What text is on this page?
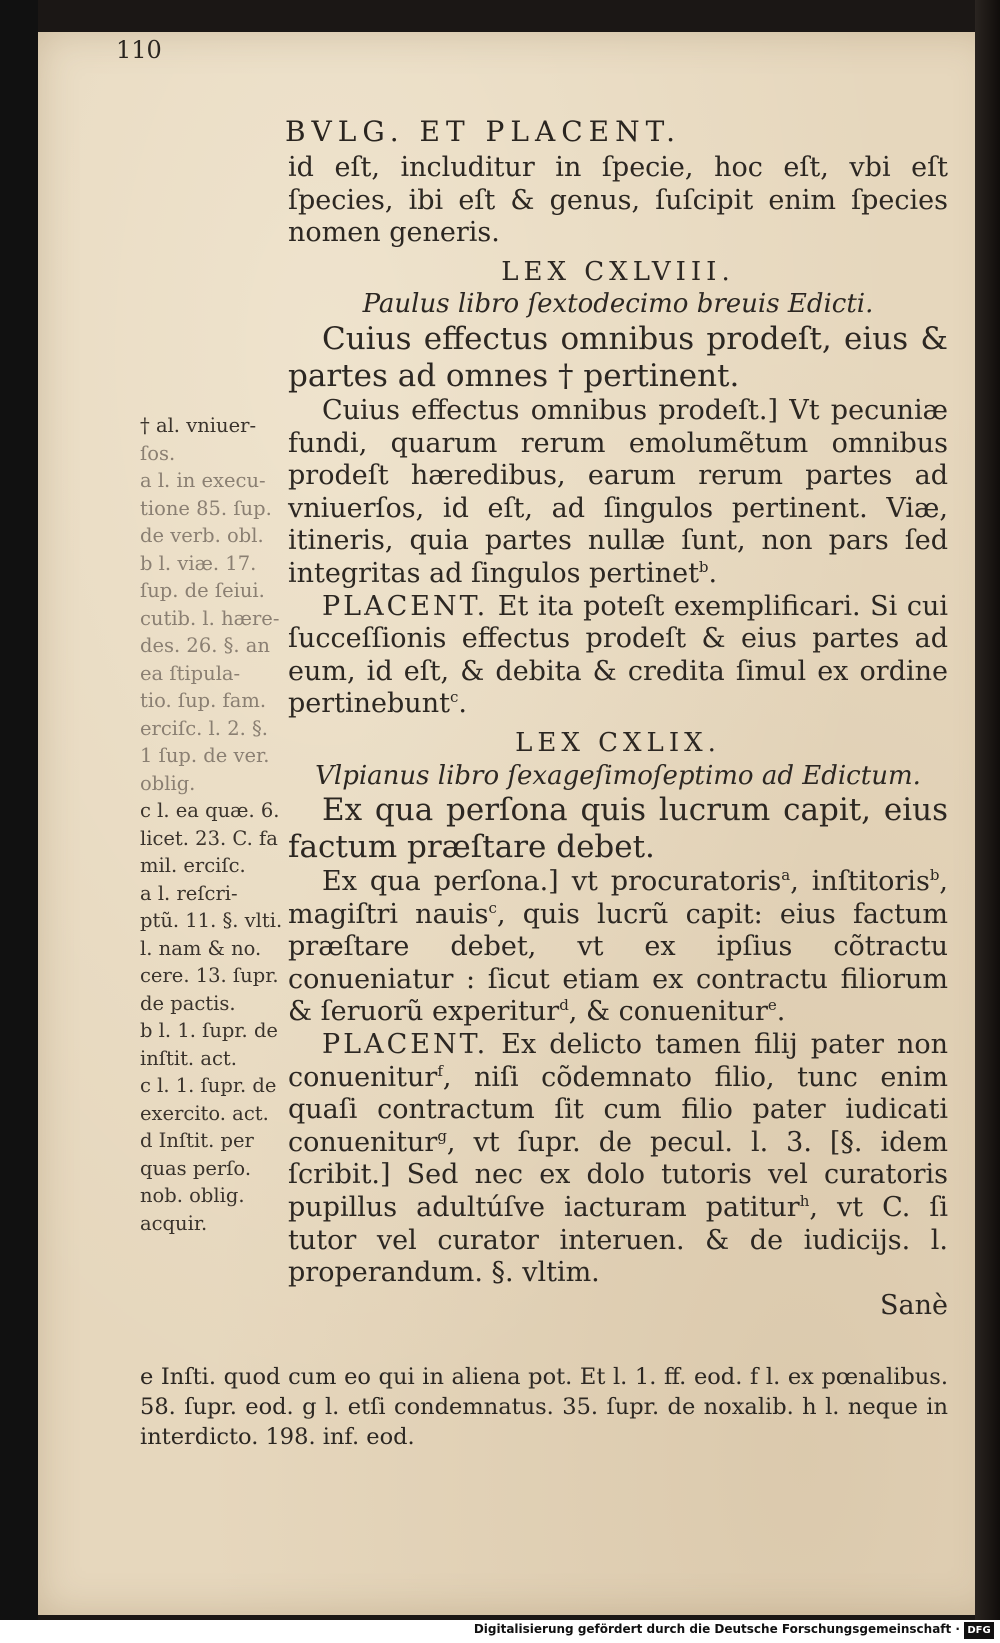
110
BVLG. ET PLACENT.

id eſt, includitur in ſpecie, hoc eſt, vbi eſt ſpecies, ibi eſt & genus, ſuſcipit enim ſpecies nomen generis.

LEX CXLVIII.

Paulus libro ſextodecimo breuis Edicti.

Cuius effectus omnibus prodeſt, eius & partes ad omnes † pertinent.

Cuius effectus omnibus prodeſt.] Vt pecuniæ fundi, quarum rerum emolumẽtum omnibus prodeſt hæredibus, earum rerum partes ad vniuerſos, id eſt, ad ſingulos pertinent. Viæ, itineris, quia partes nullæ ſunt, non pars ſed integritas ad ſingulos pertinet$^b$.

PLACENT. Et ita poteſt exemplificari. Si cui ſucceſſionis effectus prodeſt & eius partes ad eum, id eſt, & debita & credita ſimul ex ordine pertinebunt$^c$.

LEX CXLIX.

Vlpianus libro ſexageſimoſeptimo ad Edictum.

Ex qua perſona quis lucrum capit, eius factum præſtare debet.

Ex qua perſona.] vt procuratoris$^a$, inſtitoris$^b$, magiſtri nauis$^c$, quis lucrũ capit: eius factum præſtare debet, vt ex ipſius cõtractu conueniatur : ſicut etiam ex contractu filiorum & ſeruorũ experitur$^d$, & conuenitur$^e$.

PLACENT. Ex delicto tamen filij pater non conuenitur$^f$, niſi cõdemnato filio, tunc enim quaſi contractum ſit cum filio pater iudicati conuenitur$^g$, vt ſupr. de pecul. l. 3. [§. idem ſcribit.] Sed nec ex dolo tutoris vel curatoris pupillus adultúſve iacturam patitur$^h$, vt C. ſi tutor vel curator interuen. & de iudicijs. l. properandum. §. vltim.

Sanè

† al. vniuer-

ſos.

a l. in execu-

tione 85. ſup.

de verb. obl.

b l. viæ. 17.

ſup. de ſeiui.

cutib. l. hære-

des. 26. §. an

ea ſtipula-

tio. ſup. fam.

erciſc. l. 2. §.

1 ſup. de ver.

oblig.

c l. ea quæ. 6.

licet. 23. C. fa

mil. erciſc.

a l. reſcri-

ptũ. 11. §. vlti.

l. nam & no.

cere. 13. ſupr.

de pactis.

b l. 1. ſupr. de

inſtit. act.

c l. 1. ſupr. de

exercito. act.

d Inſtit. per

quas perſo.

nob. oblig.

acquir.

e Inſti. quod cum eo qui in aliena pot. Et l. 1. ff. eod. f l. ex pœnalibus. 58. ſupr. eod. g l. etſi condemnatus. 35. ſupr. de noxalib. h l. neque in interdicto. 198. inf. eod.

Digitalisierung gefördert durch die Deutsche Forschungsgemeinschaft · DFG
